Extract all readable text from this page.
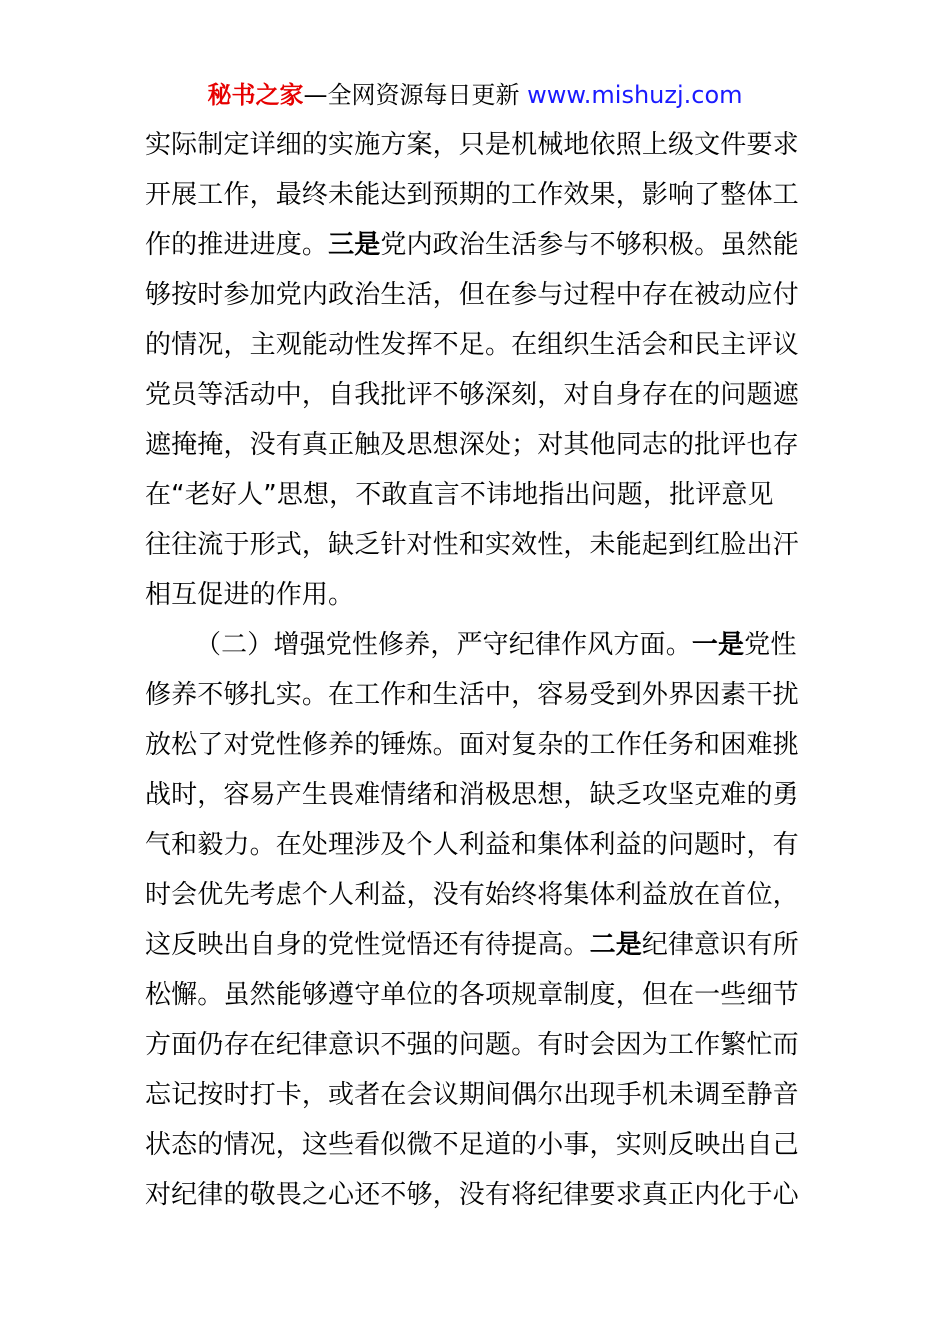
秘书之家—全网资源每日更新 www.mishuzj.com
实际制定详细的实施方案，只是机械地依照上级文件要求
开展工作，最终未能达到预期的工作效果，影响了整体工
作的推进进度。三是党内政治生活参与不够积极。虽然能
够按时参加党内政治生活，但在参与过程中存在被动应付
的情况，主观能动性发挥不足。在组织生活会和民主评议
党员等活动中，自我批评不够深刻，对自身存在的问题遮
遮掩掩，没有真正触及思想深处；对其他同志的批评也存
在“老好人”思想，不敢直言不讳地指出问题，批评意见
往往流于形式，缺乏针对性和实效性，未能起到红脸出汗
相互促进的作用。
（二）增强党性修养，严守纪律作风方面。一是党性
修养不够扎实。在工作和生活中，容易受到外界因素干扰
放松了对党性修养的锤炼。面对复杂的工作任务和困难挑
战时，容易产生畏难情绪和消极思想，缺乏攻坚克难的勇
气和毅力。在处理涉及个人利益和集体利益的问题时，有
时会优先考虑个人利益，没有始终将集体利益放在首位，
这反映出自身的党性觉悟还有待提高。二是纪律意识有所
松懈。虽然能够遵守单位的各项规章制度，但在一些细节
方面仍存在纪律意识不强的问题。有时会因为工作繁忙而
忘记按时打卡，或者在会议期间偶尔出现手机未调至静音
状态的情况，这些看似微不足道的小事，实则反映出自己
对纪律的敬畏之心还不够，没有将纪律要求真正内化于心
